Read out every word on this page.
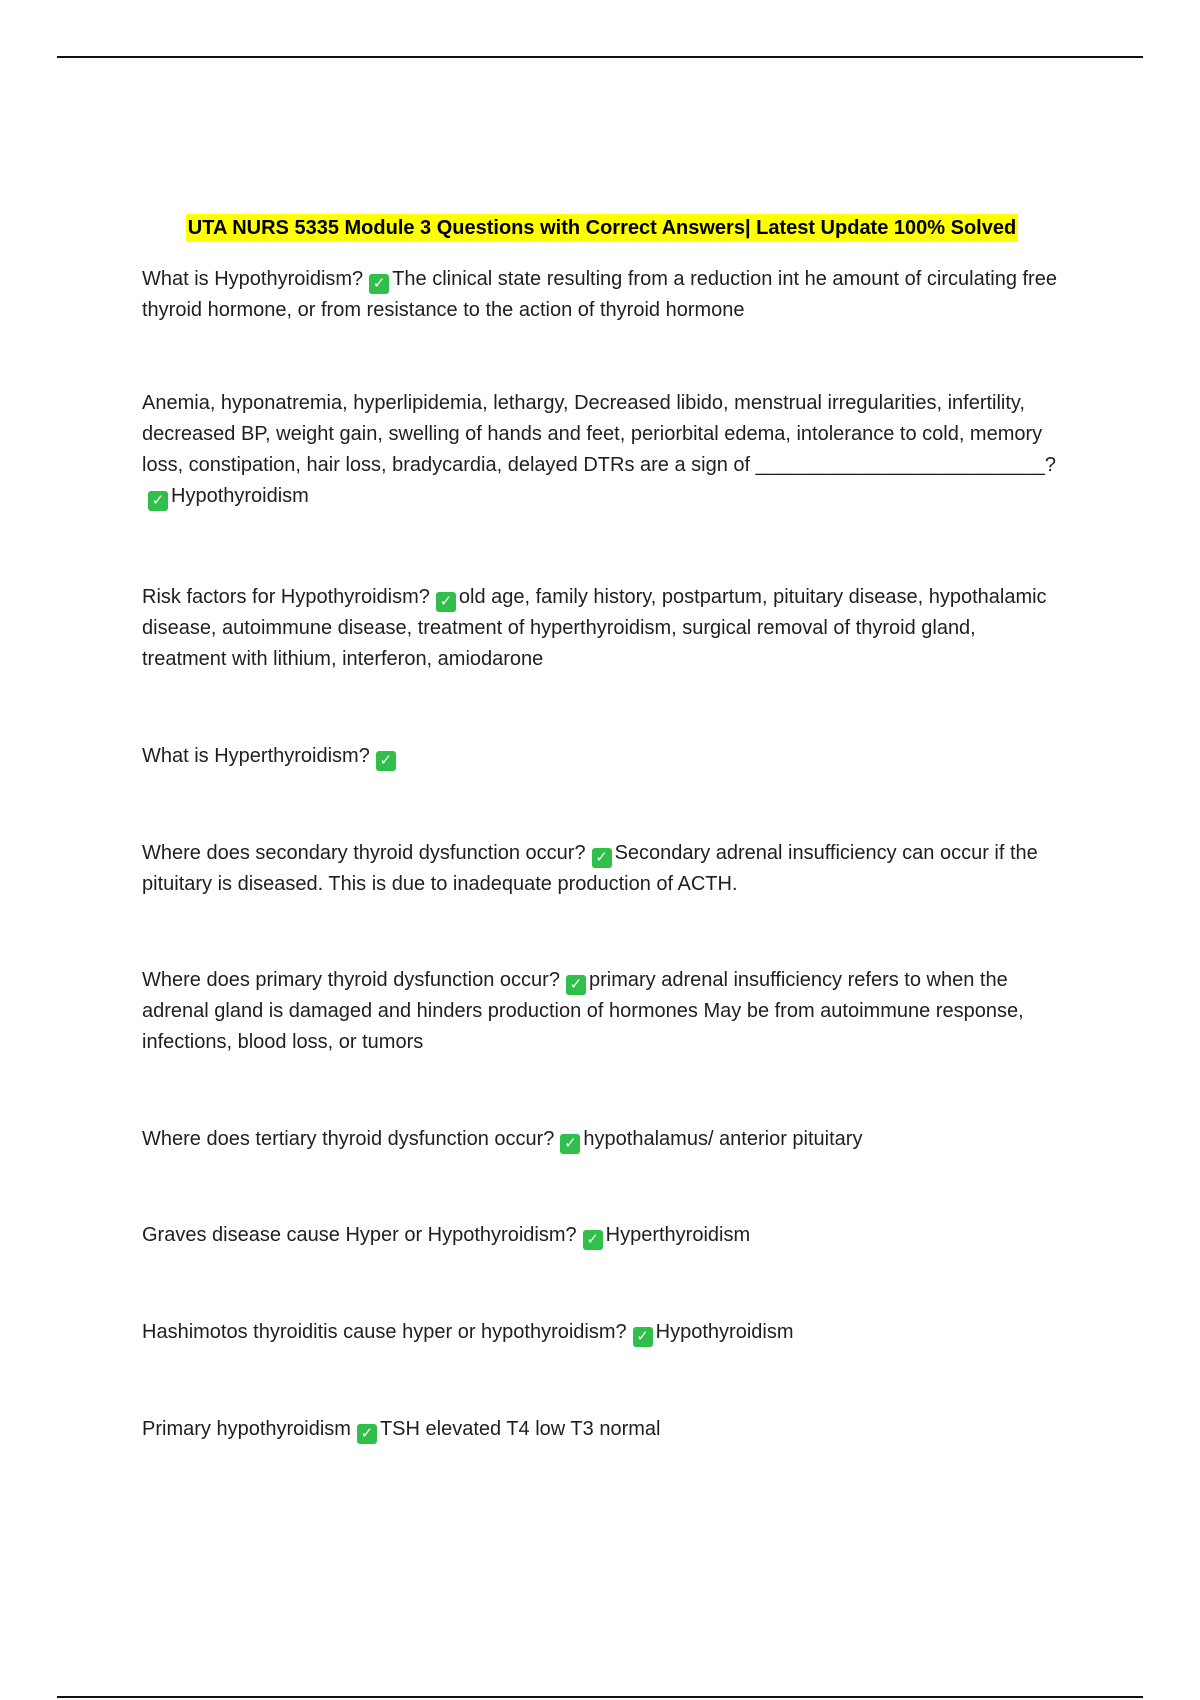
UTA NURS 5335 Module 3 Questions with Correct Answers| Latest Update 100% Solved

What is Hypothyroidism? ✓ The clinical state resulting from a reduction int he amount of circulating free thyroid hormone, or from resistance to the action of thyroid hormone

Anemia, hyponatremia, hyperlipidemia, lethargy, Decreased libido, menstrual irregularities, infertility, decreased BP, weight gain, swelling of hands and feet, periorbital edema, intolerance to cold, memory loss, constipation, hair loss, bradycardia, delayed DTRs are a sign of __________________________?✓ Hypothyroidism

Risk factors for Hypothyroidism? ✓ old age, family history, postpartum, pituitary disease, hypothalamic disease, autoimmune disease, treatment of hyperthyroidism, surgical removal of thyroid gland, treatment with lithium, interferon, amiodarone

What is Hyperthyroidism? ✓

Where does secondary thyroid dysfunction occur? ✓ Secondary adrenal insufficiency can occur if the pituitary is diseased. This is due to inadequate production of ACTH.

Where does primary thyroid dysfunction occur? ✓ primary adrenal insufficiency refers to when the adrenal gland is damaged and hinders production of hormones May be from autoimmune response, infections, blood loss, or tumors

Where does tertiary thyroid dysfunction occur? ✓ hypothalamus/ anterior pituitary

Graves disease cause Hyper or Hypothyroidism? ✓ Hyperthyroidism

Hashimotos thyroiditis cause hyper or hypothyroidism? ✓ Hypothyroidism

Primary hypothyroidism ✓ TSH elevated T4 low T3 normal
